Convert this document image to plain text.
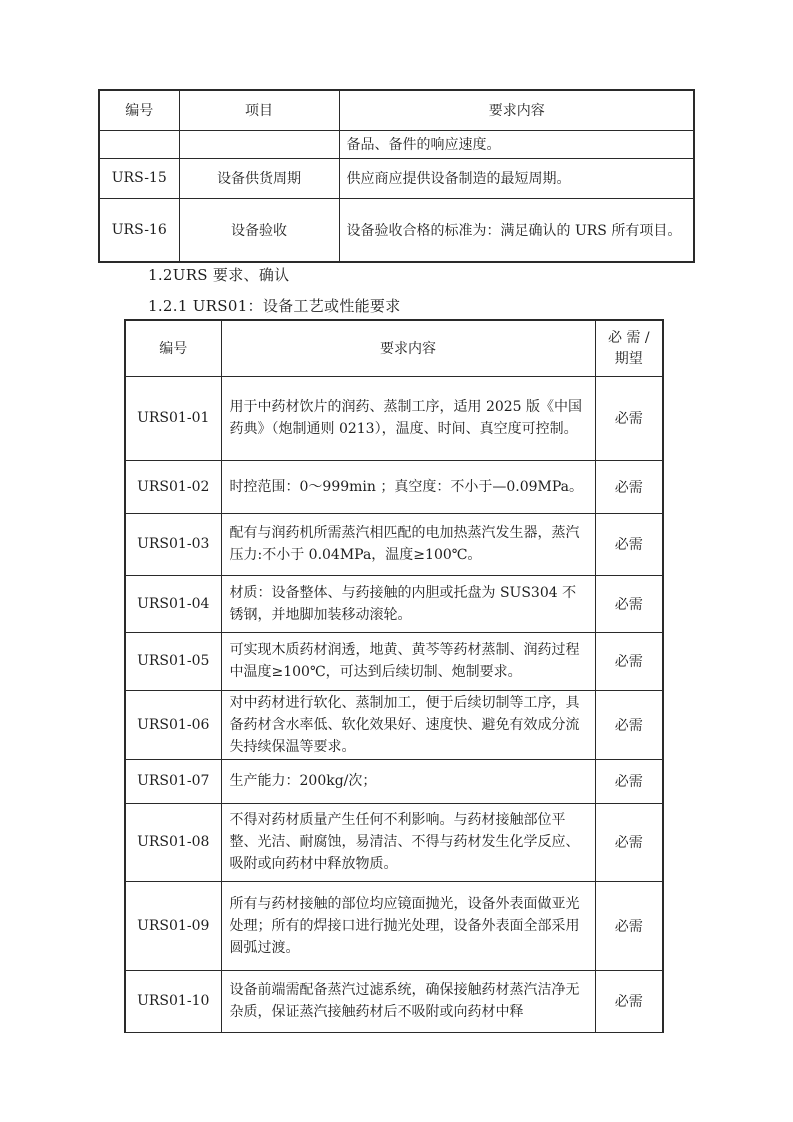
编号	项目	要求内容
		备品、备件的响应速度。
URS-15	设备供货周期	供应商应提供设备制造的最短周期。
URS-16	设备验收	设备验收合格的标准为：满足确认的 URS 所有项目。
1.2URS 要求、确认
1.2.1 URS01：设备工艺或性能要求
编号	要求内容	必 需 /
期望

URS01-01	用于中药材饮片的润药、蒸制工序，适用 2025 版《中国药典》（炮制通则 0213），温度、时间、真空度可控制。	必需
URS01-02	时控范围：0～999min ；真空度：不小于—0.09MPa。	必需
URS01-03	配有与润药机所需蒸汽相匹配的电加热蒸汽发生器，蒸汽压力:不小于 0.04MPa，温度≥100℃。	必需
URS01-04	材质：设备整体、与药接触的内胆或托盘为 SUS304 不锈钢，并地脚加装移动滚轮。	必需
URS01-05	可实现木质药材润透，地黄、黄芩等药材蒸制、润药过程中温度≥100℃，可达到后续切制、炮制要求。	必需
URS01-06	对中药材进行软化、蒸制加工，便于后续切制等工序，具备药材含水率低、软化效果好、速度快、避免有效成分流失持续保温等要求。	必需
URS01-07	生产能力：200kg/次；	必需
URS01-08	不得对药材质量产生任何不利影响。与药材接触部位平整、光洁、耐腐蚀，易清洁、不得与药材发生化学反应、吸附或向药材中释放物质。	必需
URS01-09	所有与药材接触的部位均应镜面抛光，设备外表面做亚光处理；所有的焊接口进行抛光处理，设备外表面全部采用圆弧过渡。	必需
URS01-10	设备前端需配备蒸汽过滤系统，确保接触药材蒸汽洁净无杂质，保证蒸汽接触药材后不吸附或向药材中释	必需
